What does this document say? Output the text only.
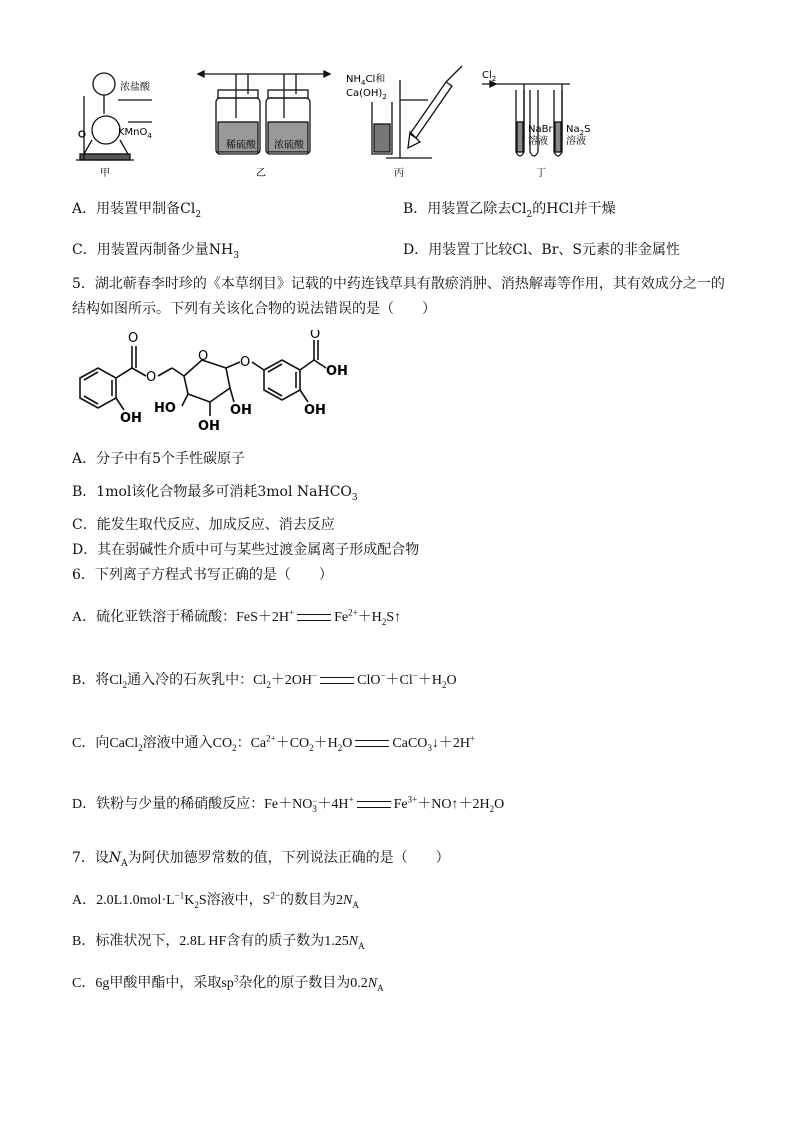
浓盐酸
KMnO$_4$
甲
稀硫酸 浓硫酸
乙
$NH_4Cl$和
$Ca(OH)_2$
丙
$Cl_2$
NaBr
溶液
$Na_2S$
溶液
丁
A．用装置甲制备$Cl_2$	B．用装置乙除去$Cl_2$的HCl并干燥
C．用装置丙制备少量$NH_3$	D．用装置丁比较Cl、Br、S元素的非金属性
5．湖北蕲春李时珍的《本草纲目》记载的中药连钱草具有散瘀消肿、消热解毒等作用，其有效成分之一的
结构如图所示。下列有关该化合物的说法错误的是（　　）
O
O
O O
O
OH
OH
HO
OH
OH	OH
A．分子中有5个手性碳原子
B．1mol该化合物最多可消耗3mol NaHCO$_3$
C．能发生取代反应、加成反应、消去反应
D．其在弱碱性介质中可与某些过渡金属离子形成配合物
6．下列离子方程式书写正确的是（　　）
A．硫化亚铁溶于稀硫酸：FeS＋2H+	$Fe^{2+}+H_2S↑$
B．将$Cl_2$通入冷的石灰乳中：$Cl_2+2OH^-$	$ClO^-+Cl^-+H_2O$
C．向CaCl$_2$溶液中通入$CO_2$：$Ca^{2+}+CO_2+H_2O$	CaCO$_3$↓＋2H+
D．铁粉与少量的稀硝酸反应：Fe＋NO −
3 ＋4H+	$Fe^{3+}+NO↑+2H_2O$
7．设$N_A$为阿伏加德罗常数的值，下列说法正确的是（　　）
A．$2.0L1.0mol\cdot L^{-1}K_2S$溶液中，$S^{2-}$的数目为$2N_A$
B．标准状况下，2.8L HF含有的质子数为$1.25N_A$
C．6g甲酸甲酯中，采取$sp^3$杂化的原子数目为$0.2N_A$
